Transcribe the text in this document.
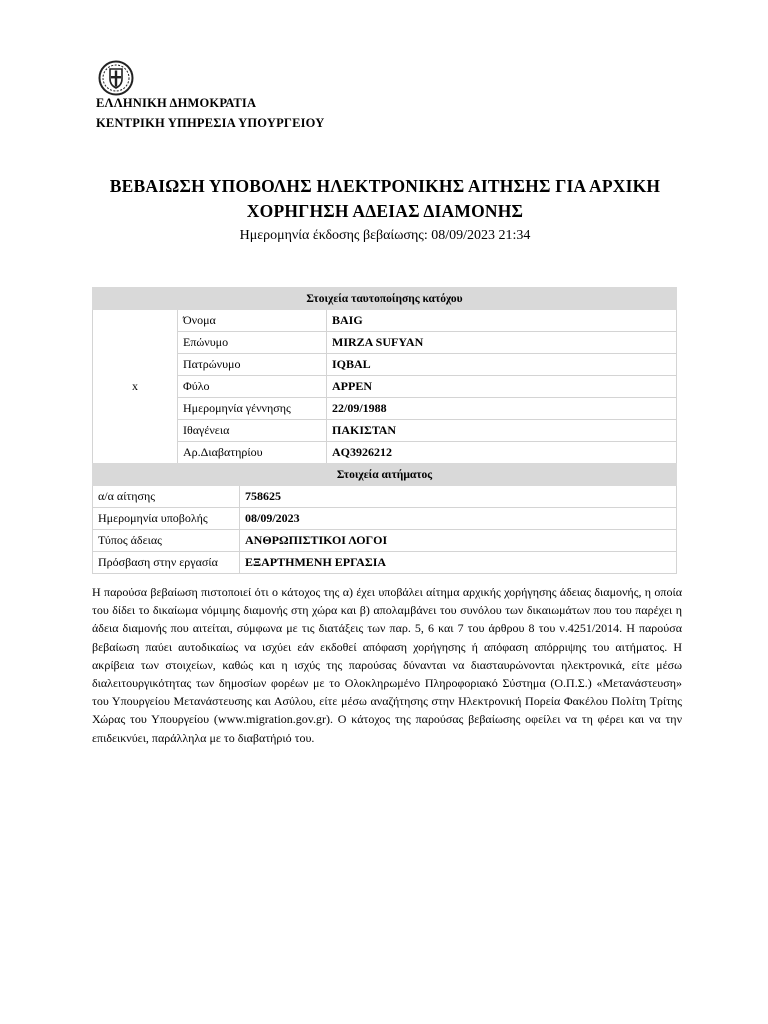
ΕΛΛΗΝΙΚΗ ΔΗΜΟΚΡΑΤΙΑ
ΚΕΝΤΡΙΚΗ ΥΠΗΡΕΣΙΑ ΥΠΟΥΡΓΕΙΟΥ
ΒΕΒΑΙΩΣΗ ΥΠΟΒΟΛΗΣ ΗΛΕΚΤΡΟΝΙΚΗΣ ΑΙΤΗΣΗΣ ΓΙΑ ΑΡΧΙΚΗ
ΧΟΡΗΓΗΣΗ ΑΔΕΙΑΣ ΔΙΑΜΟΝΗΣ
Ημερομηνία έκδοσης βεβαίωσης: 08/09/2023 21:34
Στοιχεία ταυτοποίησης κατόχου		
x	Όνομα	BAIG
	Επώνυμο	MIRZA SUFYAN
	Πατρώνυμο	IQBAL
	Φύλο	ΑΡΡΕΝ
	Ημερομηνία γέννησης	22/09/1988
	Ιθαγένεια	ΠΑΚΙΣΤΑΝ
	Αρ.Διαβατηρίου	AQ3926212
Στοιχεία αιτήματος	
α/α αίτησης	758625
Ημερομηνία υποβολής	08/09/2023
Τύπος άδειας	ΑΝΘΡΩΠΙΣΤΙΚΟΙ ΛΟΓΟΙ
Πρόσβαση στην εργασία	ΕΞΑΡΤΗΜΕΝΗ ΕΡΓΑΣΙΑ

Η παρούσα βεβαίωση πιστοποιεί ότι ο κάτοχος της α) έχει υποβάλει αίτημα αρχικής χορήγησης άδειας διαμονής, η οποία του δίδει το δικαίωμα νόμιμης διαμονής στη χώρα και β) απολαμβάνει του συνόλου των δικαιωμάτων που του παρέχει η άδεια διαμονής που αιτείται, σύμφωνα με τις διατάξεις των παρ. 5, 6 και 7 του άρθρου 8 του ν.4251/2014. Η παρούσα βεβαίωση παύει αυτοδικαίως να ισχύει εάν εκδοθεί απόφαση χορήγησης ή απόφαση απόρριψης του αιτήματος. Η ακρίβεια των στοιχείων, καθώς και η ισχύς της παρούσας δύνανται να διασταυρώνονται ηλεκτρονικά, είτε μέσω διαλειτουργικότητας των δημοσίων φορέων με το Ολοκληρωμένο Πληροφοριακό Σύστημα (Ο.Π.Σ.) «Μετανάστευση» του Υπουργείου Μετανάστευσης και Ασύλου, είτε μέσω αναζήτησης στην Ηλεκτρονική Πορεία Φακέλου Πολίτη Τρίτης Χώρας του Υπουργείου (www.migration.gov.gr). Ο κάτοχος της παρούσας βεβαίωσης οφείλει να τη φέρει και να την επιδεικνύει, παράλληλα με το διαβατήριό του.
